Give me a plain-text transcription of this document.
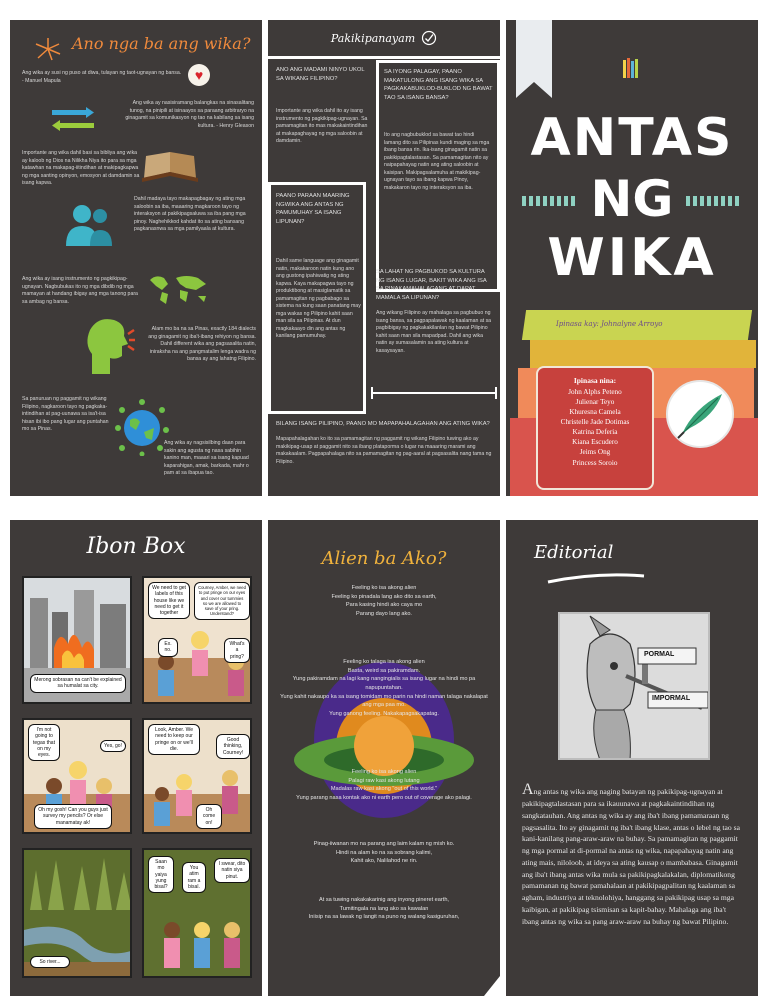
Ano nga ba ang wika?
Ang wika ay susi ng puso at diwa, tulayan ng taot-ugnayan ng bansa. - Manuel Mapula	♥
Ang wika ay nasisiramang balangkas na sinasalitang tunog, na pinipili at isinaayos sa paraang arbitraryo na ginagamit sa komunikasyon ng tao na kabilang sa isang kultura. - Henry Gleason
Importante ang wika dahil basi sa bibliya ang wika ay kaloob ng Dios na Nilikha Niya ito para sa mga katawhan na makapag-iitindihan at makipagkapwa ng mga santing opinyon, emosyon at damdamin sa isang kapwa.
Dahil madaya tayo makapagbagay ng ating mga saloobin sa iba, maaaring magkaroon tayo ng interaksyon at pakikipagsaluwa sa iba pang mga pinoy. Naghehikkod kahdat ito sa ating bansang pagkanasnwa sa mga pamilyaala at kultura.
Ang wika ay isang instrumento ng pagkikipag-ugnayan. Nagbubukas ito ng mga dibdib ng mga mamayan at handang ibigay ang mga tanong para sa ambag ng bansa.
Alam mo ba na sa Pinas, exactly 184 dialects ang ginagamit ng iba't-ibang rehiyon ng bansa. Dahil different wika ang pagsasalita natin, iniraksha na ang pangmatalim lenga wadra ng bansa ay ang lahatng Filipino.
Sa panuruan ng paggamit ng wikang Filipino, nagkaroon tayo ng pagkaka-intindihan at pag-uunawa sa isa't-isa hisan ibi ibo pang lugar ang puntahan mo sa Pinas.
Ang wika ay nagsisilbing daan para sakin ang agusta ng nasa sabihin kanino man, maaari sa isang kapuad kaparahigan, amak, barkada, mahr o pam at sa ibapua tao.
Pakikipanayam
ANO ANG MADAMI NINYO UKOL SA WIKANG FILIPINO?
Importante ang wika dahil ito ay isang instrumento ng pagkikipag-ugnayan. Sa pamamagitan ito mas makakaintindihan at makapaghayag ng mga saloobin at damdamin.
SA IYONG PALAGAY, PAANO MAKATULONG ANG ISANG WIKA SA PAGKAKABUKLOD-BUKLOD NG BAWAT TAO SA ISANG BANSA?
Ito ang nagbubuklod sa bawat tao hindi lamang dito sa Pilipinas kundi maging sa mga ibang bansa rin. Ika-isang ginagamit natin sa pakikipagtalastasan. Sa pamamagitan nito ay naipapahayag natin ang ating saloobin at kaisipan. Makipagsalamuha at makikipag-ugnayan tayo sa ibang kapwa Pinoy, makakaron tayo ng interaksyon sa iba.
PAANO PARAAN MAARING NGWIKA ANG ANTAS NG PAMUMUHAY SA ISANG LIPUNAN?
Dahil same language ang ginagamit natin, makakaroon natin kung ano ang gustong ipahiwatig ng ating kapwa. Kaya makapagwa tayo ng produktibong at masiglamatik sa pamamagitan ng pagbabago sa sistema na kung saan panatang may mga wakas ng Pilipino kahit saan man sila sa Pilipinas. At dun magkakaayo din ang antas ng kanilang pamumuhay.
SA LAHAT NG PAGBUKOD SA KULTURA NG ISANG LUGAR, BAKIT WIKA ANG ISA SA PINAKAMAHALAGANG AT DAPAT MAMALA SA LIPUNAN?
Ang wikang Filipino ay mahalaga sa pagbubuo ng isang bansa, sa pagpapalawak ng kaalaman at sa pagbibigay ng pagkakakilanlan ng bawat Pilipino kahit saan man sila mapadpad. Dahil ang wika natin ay sumasalamin sa ating kultura at kasaysayan.
BILANG ISANG PILIPINO, PAANO MO MAPAPAHALAGAHAN ANG ATING WIKA?
Mapapahalagahan ko ito sa pamamagitan ng paggamit ng wikang Filipino tuwing ako ay makikipag-usap at paggamit nito sa ibang plataporma o lugar na maaaring marami ang makakaalam. Pagpapahalaga nito sa pamamagitan ng pag-aaral at pagsasalita nang tama ng Filipino.
ANTAS
NG
WIKA
Ipinasa kay: Johnalyne Arroyo
Ipinasa nina:
John Alphs Peteno
Julienar Teyo
Khuresna Camela
Christelle Jade Dotimas
Katrina Deferia
Kiana Escudero
Jeims Ong
Princess Soroio
Ibon Box
Merong sobrasan na can't be explained sa humalat sa city.
We need to get labels of this house like we need to get it together
Courney, Amber, we need to put pringe on our eyes and cover our tummies so we are allowed to save of your pring. Understand?
Ex. no.
What's a pring?
I'm not going to tegas that on my eyes.
Yes, go!
Oh my gosh! Can you guys just survey my pencils? Or else manamatay ak!
Look, Amber. We need to keep our pringe on or we'll die.
Good thinking, Courney!
Oh come on!
So river...
Saan mo yaiya yung bisal?
You atim ram a bisal.
I swear, dito natin siya pinut.
Alien ba Ako?
Feeling ko isa akong alien
Feeling ko pinadala lang ako dito sa earth,
Para kasing hindi ako caya mo
Parang dayo lang ako.
Feeling ko talaga isa akong alien
Basta, weird sa pakiramdam.
Yung pakiramdam na lagi kang nangingialis sa isang lugar na hindi mo pa napupuntahan.
Yung kahit nakaupo ka sa isang tomidam mo parin na hindi naman talaga nakalapat ang mga paa mo.
Yung ganong feeling. Nakakapagsakapatag.
Feeling ko isa akong alien
Palagi raw kasi akong lutang
Madalas raw kasi akong "out of this world."
Yung parang nasa kontak ako ni earth pero out of coverage ako palagi.
Pinag-iiwanan mo na parang ang laim kalam ng mish ko.
Hindi na alam ko na sa sobrang kalimi,
Kahit ako, Nalilahod ne rin.
At sa tuwing nakakakarinig ang inyong pineret earth,
Tumitingala na lang ako sa kawalan
Iniisip na sa lawak ng langit na puno ng walang kasiguruhan,
Editorial
PORMAL
IMPORMAL
Ang antas ng wika ang naging batayan ng pakikipag-ugnayan at pakikipagtalastasan para sa ikauunawa at pagkakaintindihan ng sangkatauhan. Ang antas ng wika ay ang iba't ibang pamamaraan ng pagsasalita. Ito ay ginagamit ng iba't ibang klase, antas o lebel ng tao sa kani-kanilang pang-araw-araw na buhay. Sa pamamagitan ng paggamit ng mga pormal at di-pormal na antas ng wika, napapahayag natin ang ating mais, niloloob, at ideya sa ating kausap o mambabasa. Ginagamit ang iba't ibang antas wika mula sa pakikipagkalakalan, diplomatikong pamamanan ng bawat pamahalaan at pakikipagpalitan ng kaalaman sa agham, industriya at teknolohiya, hanggang sa pakikipag usap sa mga kaibigan, at pakikipag tsismisan sa kapit-bahay. Mahalaga ang iba't ibang antas ng wika sa pang araw-araw na buhay ng bawat Pilipino.
